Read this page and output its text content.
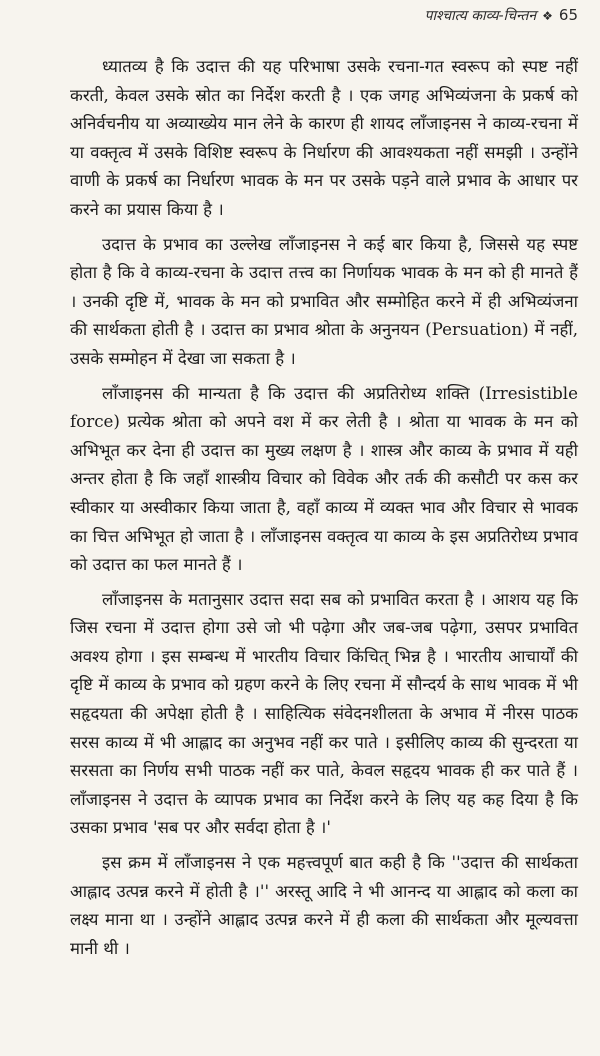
पाश्चात्य काव्य-चिन्तन ❖ 65

ध्यातव्य है कि उदात्त की यह परिभाषा उसके रचना-गत स्वरूप को स्पष्ट नहीं करती, केवल उसके स्रोत का निर्देश करती है । एक जगह अभिव्यंजना के प्रकर्ष को अनिर्वचनीय या अव्याख्येय मान लेने के कारण ही शायद लाँजाइनस ने काव्य-रचना में या वक्तृत्व में उसके विशिष्ट स्वरूप के निर्धारण की आवश्यकता नहीं समझी । उन्होंने वाणी के प्रकर्ष का निर्धारण भावक के मन पर उसके पड़ने वाले प्रभाव के आधार पर करने का प्रयास किया है ।

उदात्त के प्रभाव का उल्लेख लाँजाइनस ने कई बार किया है, जिससे यह स्पष्ट होता है कि वे काव्य-रचना के उदात्त तत्त्व का निर्णायक भावक के मन को ही मानते हैं । उनकी दृष्टि में, भावक के मन को प्रभावित और सम्मोहित करने में ही अभिव्यंजना की सार्थकता होती है । उदात्त का प्रभाव श्रोता के अनुनयन (Persuation) में नहीं, उसके सम्मोहन में देखा जा सकता है ।

लाँजाइनस की मान्यता है कि उदात्त की अप्रतिरोध्य शक्ति (Irresistible force) प्रत्येक श्रोता को अपने वश में कर लेती है । श्रोता या भावक के मन को अभिभूत कर देना ही उदात्त का मुख्य लक्षण है । शास्त्र और काव्य के प्रभाव में यही अन्तर होता है कि जहाँ शास्त्रीय विचार को विवेक और तर्क की कसौटी पर कस कर स्वीकार या अस्वीकार किया जाता है, वहाँ काव्य में व्यक्त भाव और विचार से भावक का चित्त अभिभूत हो जाता है । लाँजाइनस वक्तृत्व या काव्य के इस अप्रतिरोध्य प्रभाव को उदात्त का फल मानते हैं ।

लाँजाइनस के मतानुसार उदात्त सदा सब को प्रभावित करता है । आशय यह कि जिस रचना में उदात्त होगा उसे जो भी पढ़ेगा और जब-जब पढ़ेगा, उसपर प्रभावित अवश्य होगा । इस सम्बन्ध में भारतीय विचार किंचित् भिन्न है । भारतीय आचार्यों की दृष्टि में काव्य के प्रभाव को ग्रहण करने के लिए रचना में सौन्दर्य के साथ भावक में भी सहृदयता की अपेक्षा होती है । साहित्यिक संवेदनशीलता के अभाव में नीरस पाठक सरस काव्य में भी आह्लाद का अनुभव नहीं कर पाते । इसीलिए काव्य की सुन्दरता या सरसता का निर्णय सभी पाठक नहीं कर पाते, केवल सहृदय भावक ही कर पाते हैं । लाँजाइनस ने उदात्त के व्यापक प्रभाव का निर्देश करने के लिए यह कह दिया है कि उसका प्रभाव 'सब पर और सर्वदा होता है ।'

इस क्रम में लाँजाइनस ने एक महत्त्वपूर्ण बात कही है कि ''उदात्त की सार्थकता आह्लाद उत्पन्न करने में होती है ।'' अरस्तू आदि ने भी आनन्द या आह्लाद को कला का लक्ष्य माना था । उन्होंने आह्लाद उत्पन्न करने में ही कला की सार्थकता और मूल्यवत्ता मानी थी ।
